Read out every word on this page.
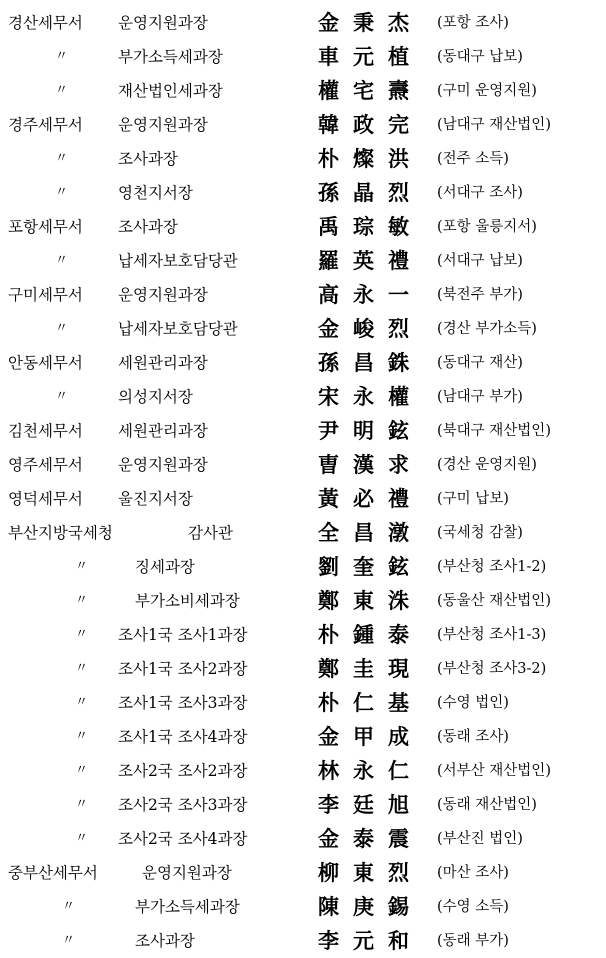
경산세무서 운영지원과장	金秉杰 (포항 조사)
〃	부가소득세과장	車元植 (동대구 납보)
〃	재산법인세과장	權宅燾 (구미 운영지원)
경주세무서 운영지원과장	韓政完 (남대구 재산법인)
〃	조사과장	朴燦洪 (전주 소득)
〃	영천지서장	孫晶烈 (서대구 조사)
포항세무서 조사과장	禹琮敏 (포항 울릉지서)
〃	납세자보호담당관	羅英禮 (서대구 납보)
구미세무서 운영지원과장	高永一 (북전주 부가)
〃	납세자보호담당관	金峻烈 (경산 부가소득)
안동세무서 세원관리과장	孫昌銖 (동대구 재산)
〃	의성지서장	宋永權 (남대구 부가)
김천세무서 세원관리과장	尹明鉉 (북대구 재산법인)
영주세무서 운영지원과장	曺漢求 (경산 운영지원)
영덕세무서 울진지서장	黃必禮 (구미 납보)
부산지방국세청	감사관	全昌潡 (국세청 감찰)
〃	징세과장	劉奎鉉 (부산청 조사1-2)
〃	부가소비세과장	鄭東洙 (동울산 재산법인)
〃 조사1국 조사1과장	朴鍾泰 (부산청 조사1-3)
〃 조사1국 조사2과장	鄭圭現 (부산청 조사3-2)
〃 조사1국 조사3과장	朴仁基 (수영 법인)
〃 조사1국 조사4과장	金甲成 (동래 조사)
〃 조사2국 조사2과장	林永仁 (서부산 재산법인)
〃 조사2국 조사3과장	李廷旭 (동래 재산법인)
〃 조사2국 조사4과장	金泰震 (부산진 법인)
중부산세무서	운영지원과장	柳東烈 (마산 조사)
〃	부가소득세과장	陳庚錫 (수영 소득)
〃	조사과장	李元和 (동래 부가)
